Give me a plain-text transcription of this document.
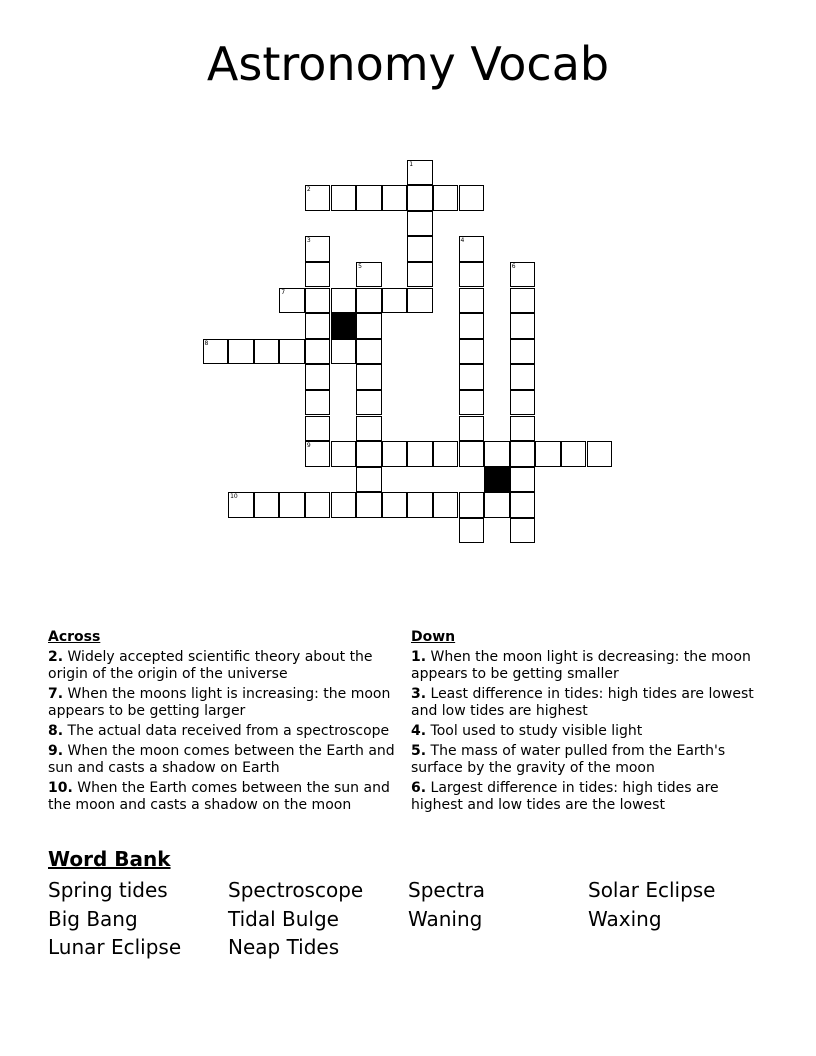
Astronomy Vocab
1
2
3	4
5	6
7
8
9
10
Across
2. Widely accepted scientific theory about the origin of the origin of the universe
7. When the moons light is increasing: the moon appears to be getting larger
8. The actual data received from a spectroscope
9. When the moon comes between the Earth and sun and casts a shadow on Earth
10. When the Earth comes between the sun and the moon and casts a shadow on the moon
Down
1. When the moon light is decreasing: the moon appears to be getting smaller
3. Least difference in tides: high tides are lowest and low tides are highest
4. Tool used to study visible light
5. The mass of water pulled from the Earth's surface by the gravity of the moon
6. Largest difference in tides: high tides are highest and low tides are the lowest
Word Bank
Spring tides	Spectroscope	Spectra	Solar Eclipse
Big Bang	Tidal Bulge	Waning	Waxing
Lunar Eclipse	Neap Tides
